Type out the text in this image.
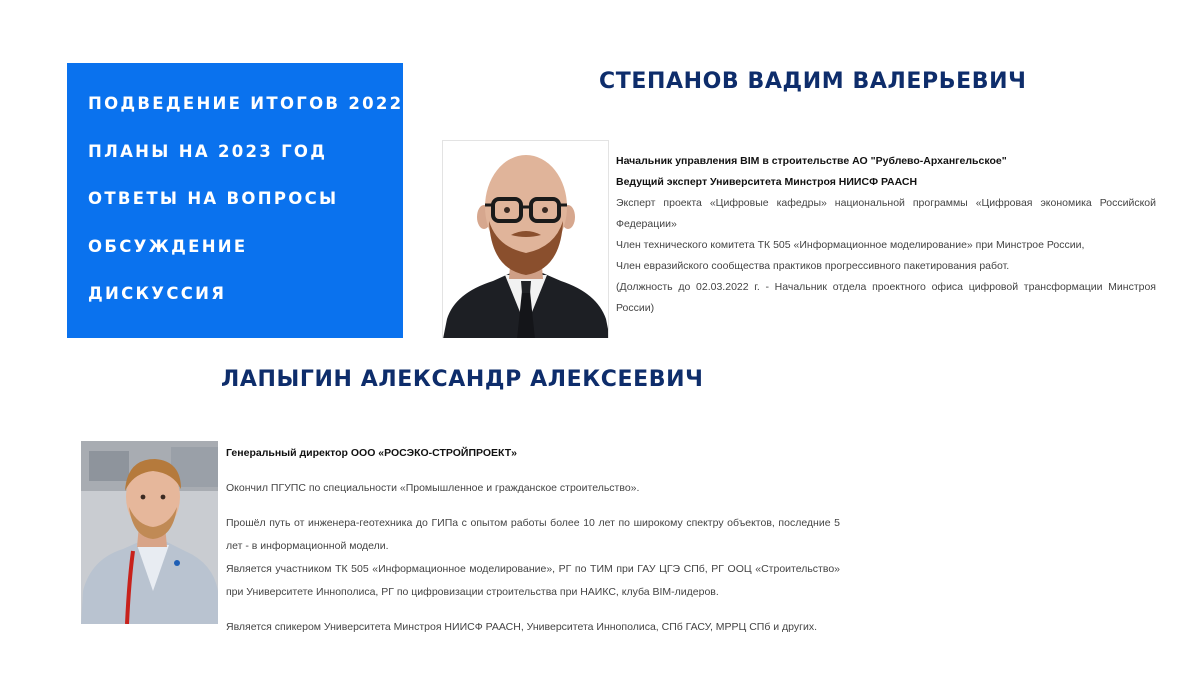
ПОДВЕДЕНИЕ ИТОГОВ 2022
ПЛАНЫ НА 2023 ГОД
ОТВЕТЫ НА ВОПРОСЫ
ОБСУЖДЕНИЕ
ДИСКУССИЯ
СТЕПАНОВ ВАДИМ ВАЛЕРЬЕВИЧ

Начальник управления BIM в строительстве АО "Рублево-Архангельское"

Ведущий эксперт Университета Минстроя НИИСФ РААСН

Эксперт проекта «Цифровые кафедры» национальной программы «Цифровая экономика Российской Федерации»

Член технического комитета ТК 505 «Информационное моделирование» при Минстрое России,

Член евразийского сообщества практиков прогрессивного пакетирования работ.

(Должность до 02.03.2022 г. - Начальник отдела проектного офиса цифровой трансформации Минстроя России)

ЛАПЫГИН АЛЕКСАНДР АЛЕКСЕЕВИЧ

Генеральный директор ООО «РОСЭКО-СТРОЙПРОЕКТ»

Окончил ПГУПС по специальности «Промышленное и гражданское строительство».

Прошёл путь от инженера-геотехника до ГИПа с опытом работы более 10 лет по широкому спектру объектов, последние 5 лет - в информационной модели.

Является участником ТК 505 «Информационное моделирование», РГ по ТИМ при ГАУ ЦГЭ СПб, РГ ООЦ «Строительство» при Университете Иннополиса, РГ по цифровизации строительства при НАИКС, клуба BIM-лидеров.

Является спикером Университета Минстроя НИИСФ РААСН, Университета Иннополиса, СПб ГАСУ, МРРЦ СПб и других.
